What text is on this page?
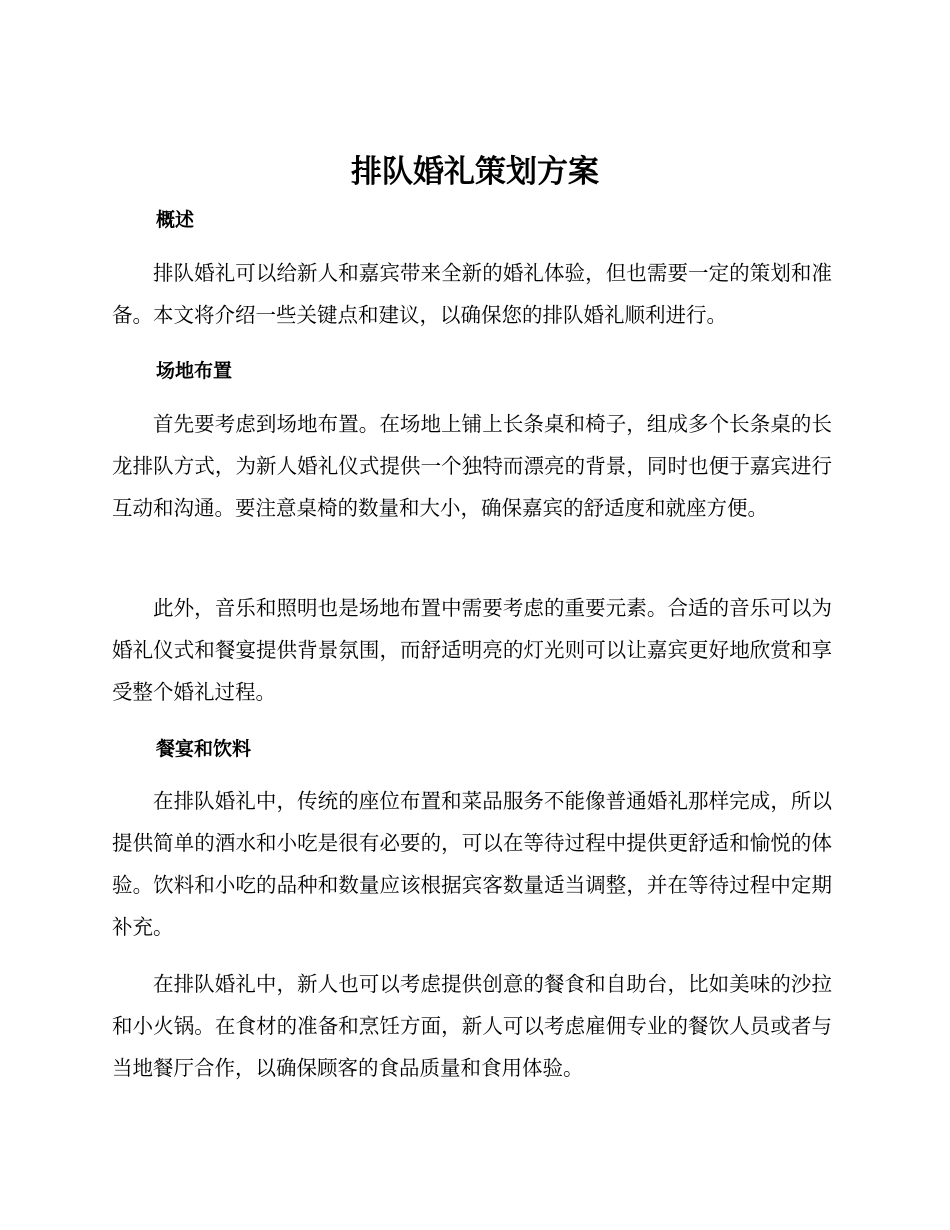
排队婚礼策划方案
概述

排队婚礼可以给新人和嘉宾带来全新的婚礼体验，但也需要一定的策划和准备。本文将介绍一些关键点和建议，以确保您的排队婚礼顺利进行。

场地布置

首先要考虑到场地布置。在场地上铺上长条桌和椅子，组成多个长条桌的长龙排队方式，为新人婚礼仪式提供一个独特而漂亮的背景，同时也便于嘉宾进行互动和沟通。要注意桌椅的数量和大小，确保嘉宾的舒适度和就座方便。

此外，音乐和照明也是场地布置中需要考虑的重要元素。合适的音乐可以为婚礼仪式和餐宴提供背景氛围，而舒适明亮的灯光则可以让嘉宾更好地欣赏和享受整个婚礼过程。

餐宴和饮料

在排队婚礼中，传统的座位布置和菜品服务不能像普通婚礼那样完成，所以提供简单的酒水和小吃是很有必要的，可以在等待过程中提供更舒适和愉悦的体验。饮料和小吃的品种和数量应该根据宾客数量适当调整，并在等待过程中定期补充。

在排队婚礼中，新人也可以考虑提供创意的餐食和自助台，比如美味的沙拉和小火锅。在食材的准备和烹饪方面，新人可以考虑雇佣专业的餐饮人员或者与当地餐厅合作，以确保顾客的食品质量和食用体验。
